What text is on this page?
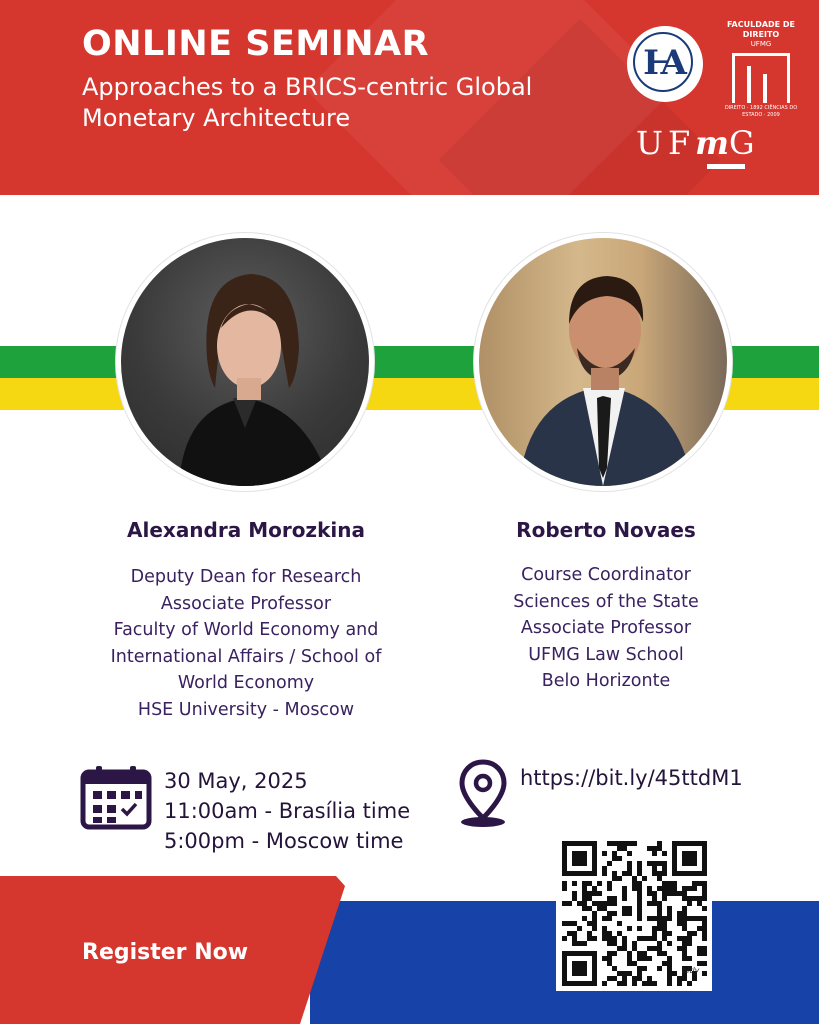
ONLINE SEMINAR
Approaches to a BRICS-centric Global
Monetary Architecture
Ꙗ
FACULDADE DE DIREITO
UFMG
DIREITO · 1892 CIÊNCIAS DO ESTADO · 2009
UFmG
Alexandra Morozkina
Deputy Dean for Research
Associate Professor
Faculty of World Economy and
International Affairs / School of
World Economy
HSE University - Moscow
Roberto Novaes
Course Coordinator
Sciences of the State
Associate Professor
UFMG Law School
Belo Horizonte
30 May, 2025
11:00am - Brasília time
5:00pm - Moscow time
https://bit.ly/45ttdM1
Register Now
bitly
